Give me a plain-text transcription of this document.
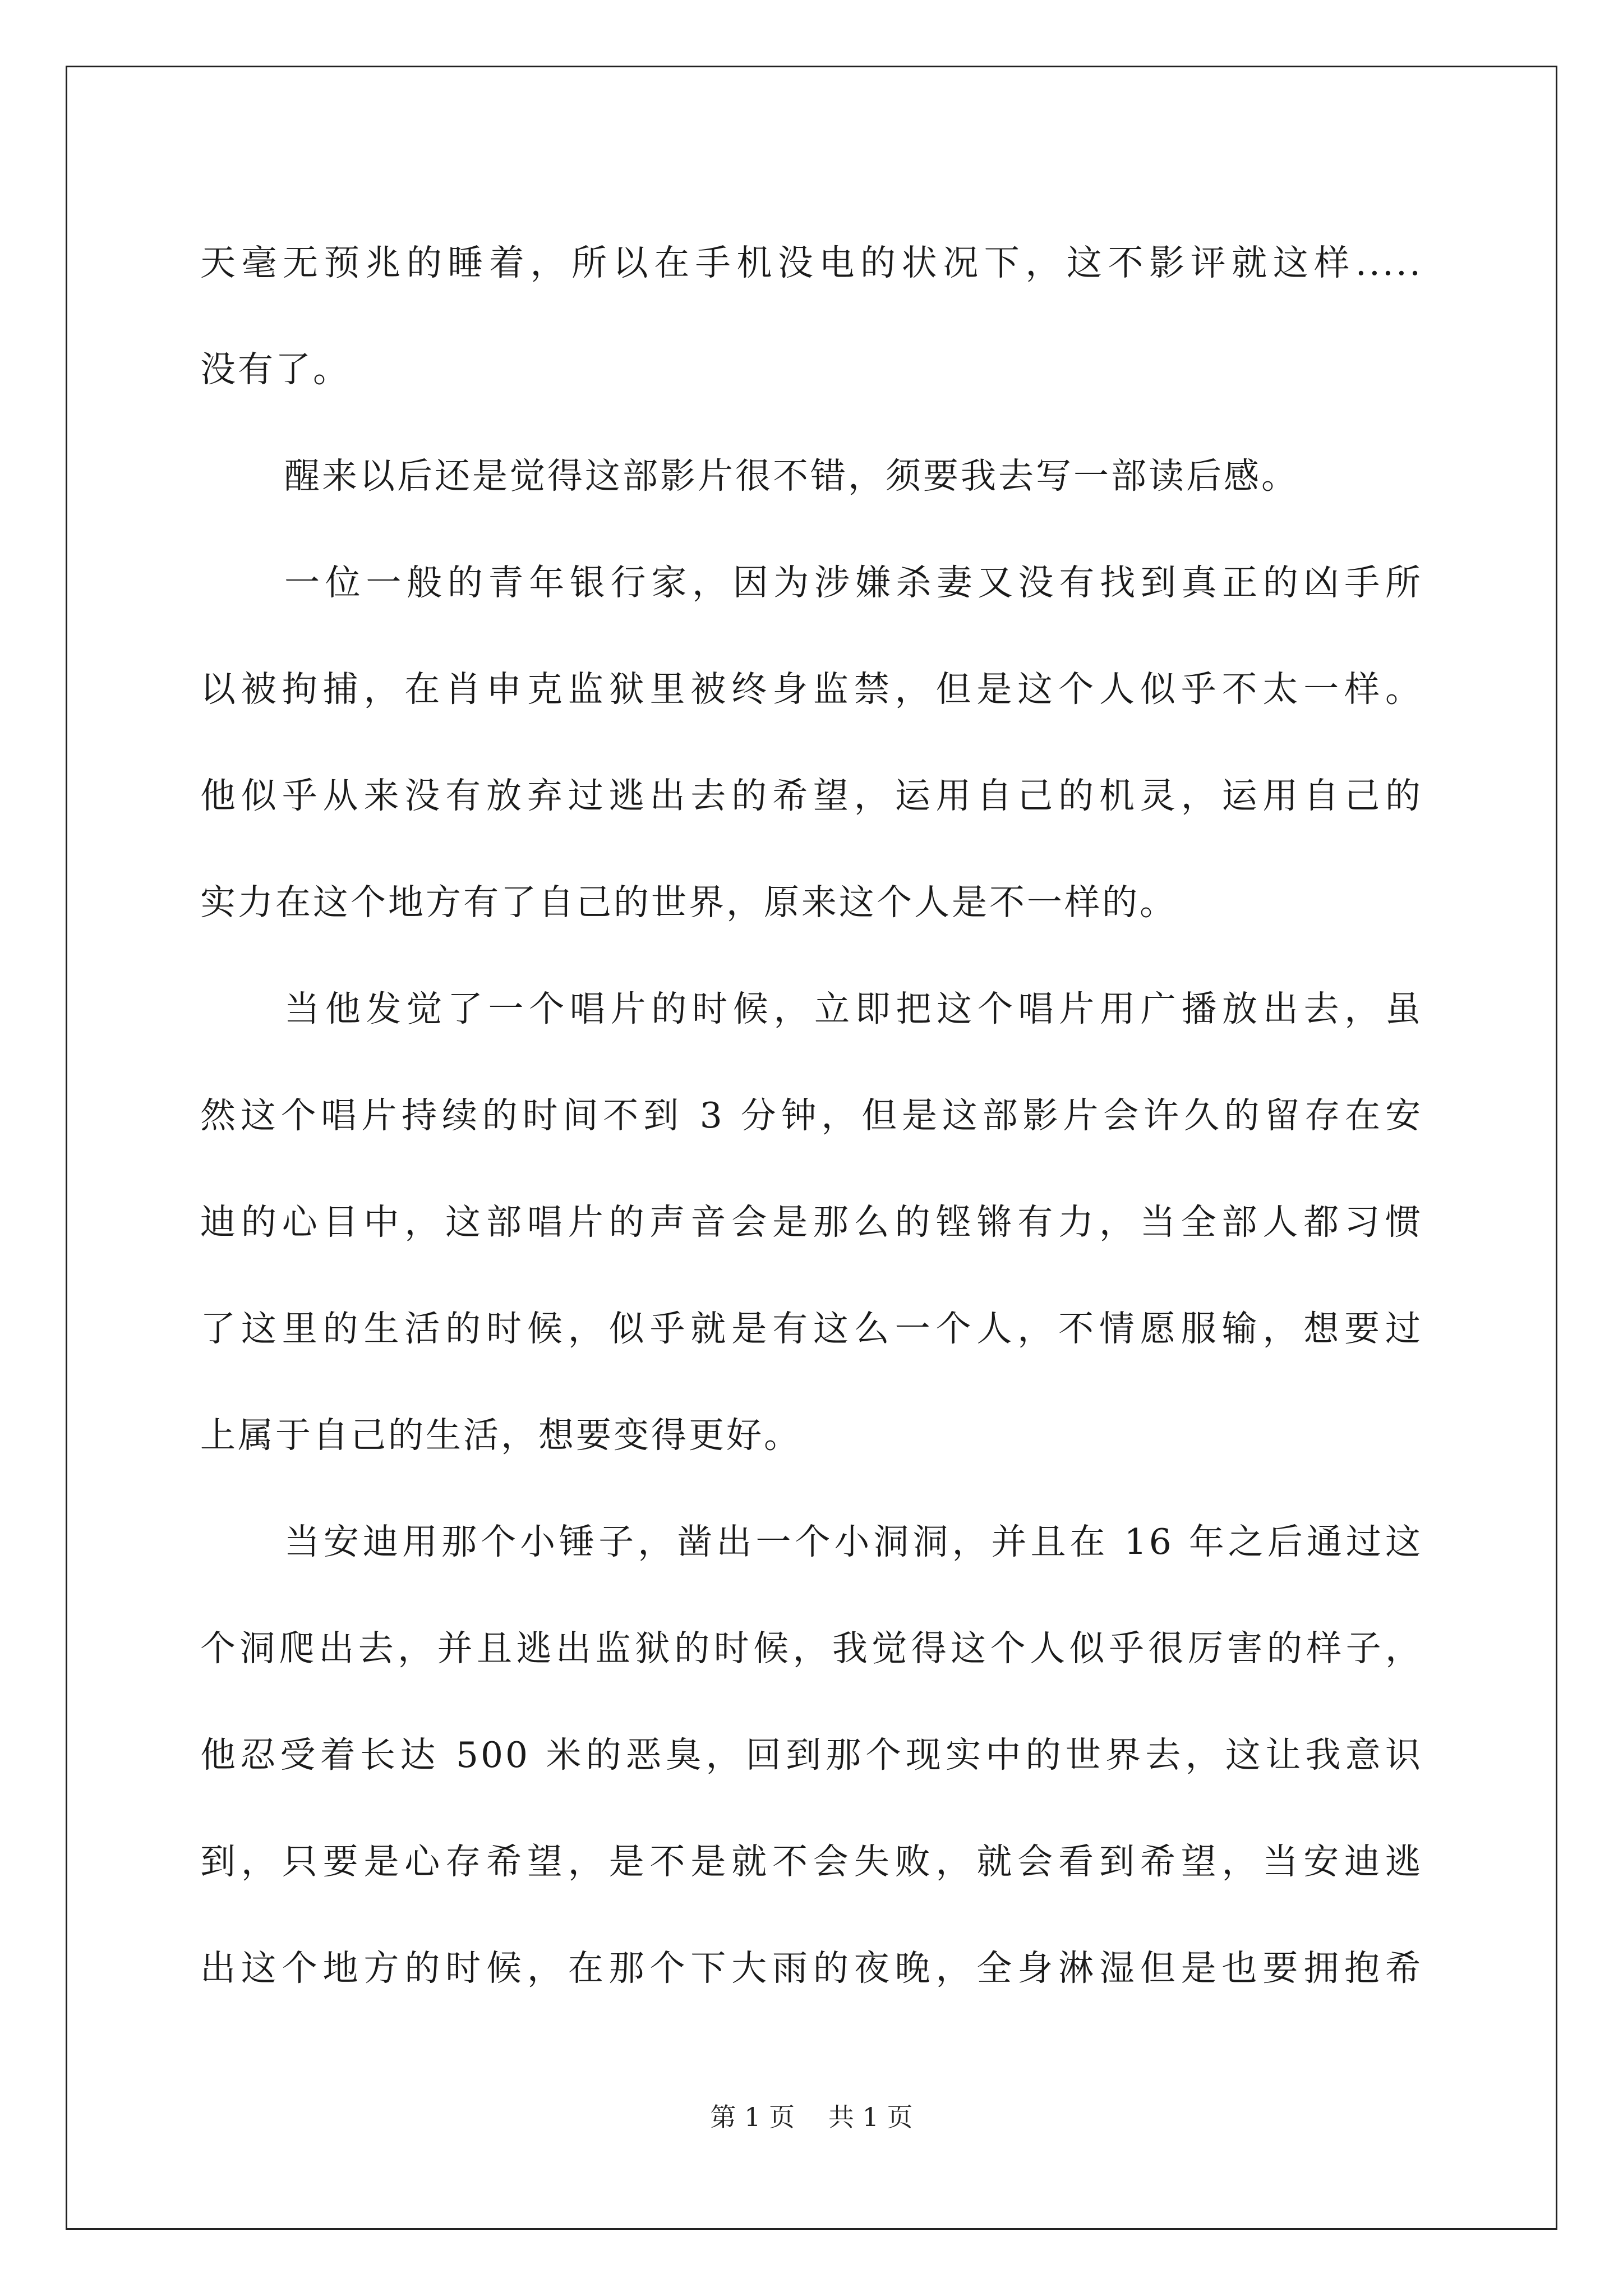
天毫无预兆的睡着，所以在手机没电的状况下，这不影评就这样.....
没有了。
醒来以后还是觉得这部影片很不错，须要我去写一部读后感。
一位一般的青年银行家，因为涉嫌杀妻又没有找到真正的凶手所
以被拘捕，在肖申克监狱里被终身监禁，但是这个人似乎不太一样。
他似乎从来没有放弃过逃出去的希望，运用自己的机灵，运用自己的
实力在这个地方有了自己的世界，原来这个人是不一样的。
当他发觉了一个唱片的时候，立即把这个唱片用广播放出去，虽
然这个唱片持续的时间不到 3 分钟，但是这部影片会许久的留存在安
迪的心目中，这部唱片的声音会是那么的铿锵有力，当全部人都习惯
了这里的生活的时候，似乎就是有这么一个人，不情愿服输，想要过
上属于自己的生活，想要变得更好。
当安迪用那个小锤子，凿出一个小洞洞，并且在 16 年之后通过这
个洞爬出去，并且逃出监狱的时候，我觉得这个人似乎很厉害的样子，
他忍受着长达 500 米的恶臭，回到那个现实中的世界去，这让我意识
到，只要是心存希望，是不是就不会失败，就会看到希望，当安迪逃
出这个地方的时候，在那个下大雨的夜晚，全身淋湿但是也要拥抱希
第 1 页 共 1 页
